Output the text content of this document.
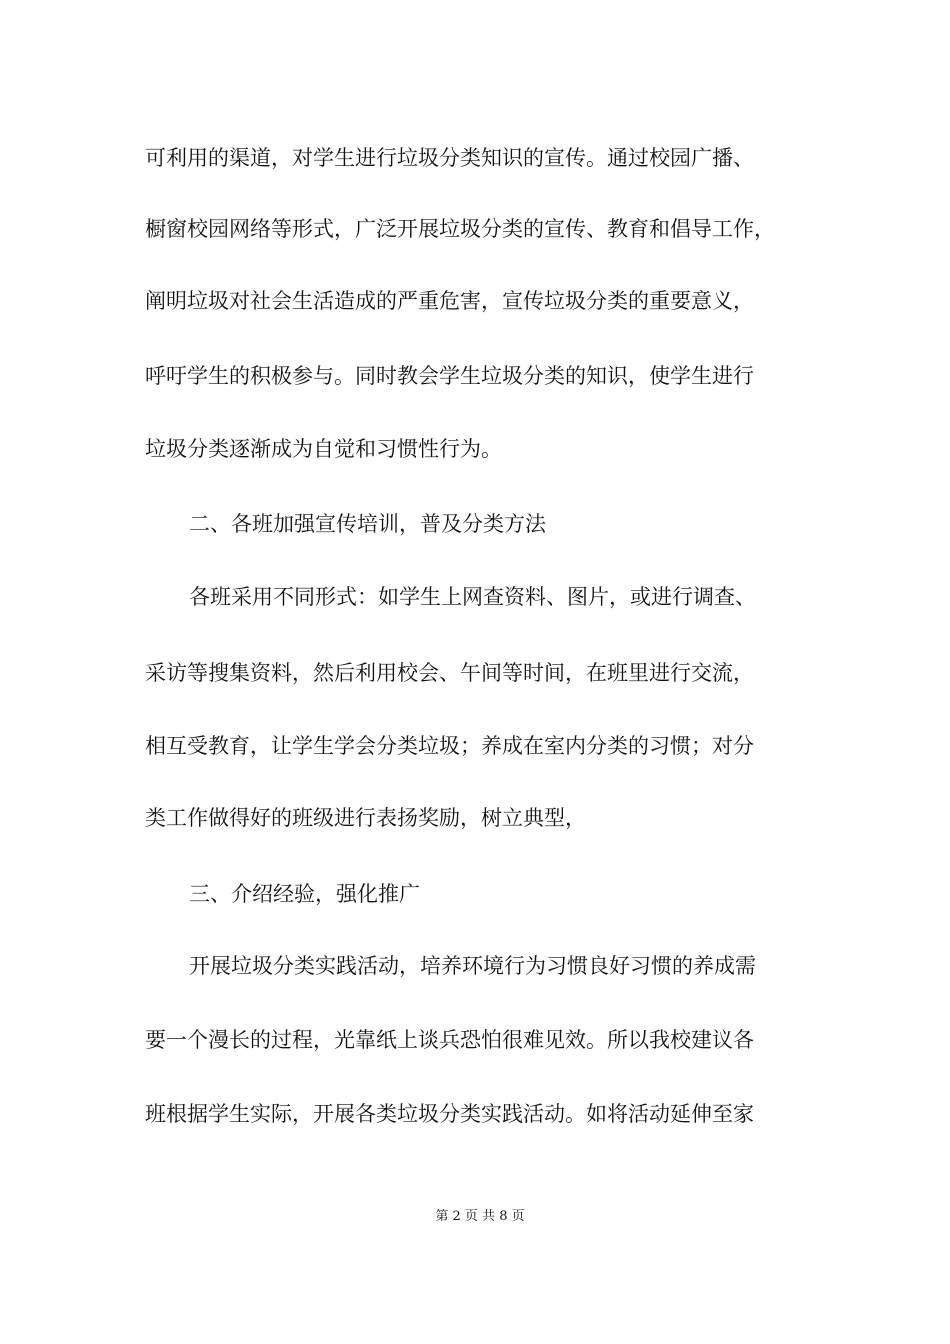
可利用的渠道，对学生进行垃圾分类知识的宣传。通过校园广播、
橱窗校园网络等形式，广泛开展垃圾分类的宣传、教育和倡导工作，
阐明垃圾对社会生活造成的严重危害，宣传垃圾分类的重要意义，
呼吁学生的积极参与。同时教会学生垃圾分类的知识，使学生进行
垃圾分类逐渐成为自觉和习惯性行为。
二、各班加强宣传培训，普及分类方法
各班采用不同形式：如学生上网查资料、图片，或进行调查、
采访等搜集资料，然后利用校会、午间等时间，在班里进行交流，
相互受教育，让学生学会分类垃圾；养成在室内分类的习惯；对分
类工作做得好的班级进行表扬奖励，树立典型，
三、介绍经验，强化推广
开展垃圾分类实践活动，培养环境行为习惯良好习惯的养成需
要一个漫长的过程，光靠纸上谈兵恐怕很难见效。所以我校建议各
班根据学生实际，开展各类垃圾分类实践活动。如将活动延伸至家
第 2 页 共 8 页
